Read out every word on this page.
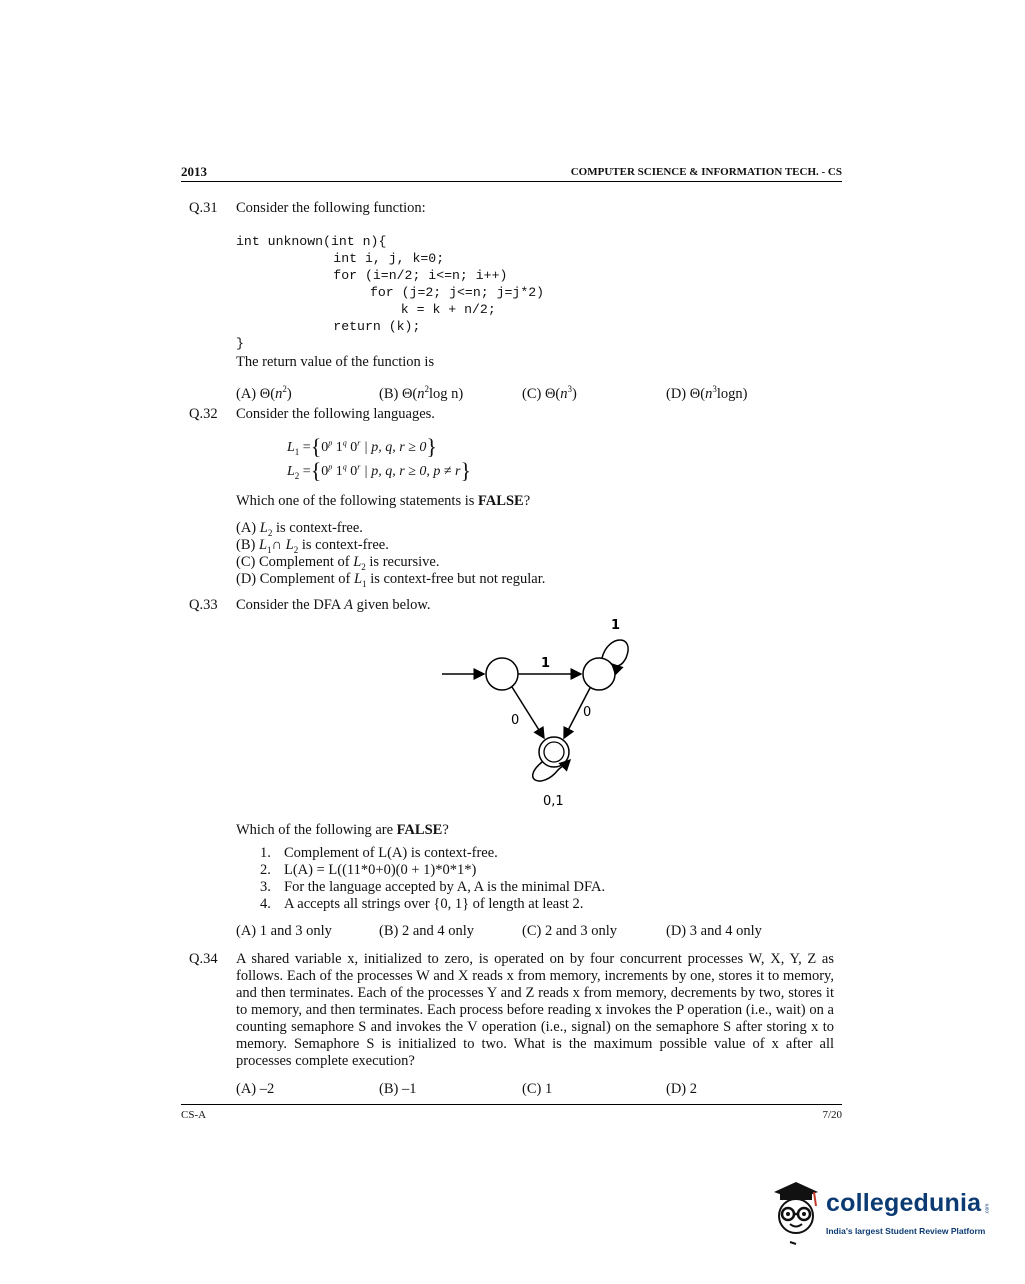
2013	COMPUTER SCIENCE & INFORMATION TECH. - CS
Q.31 Consider the following function:
int unknown(int n){
int i, j, k=0;
for (i=n/2; i<=n; i++)
for (j=2; j<=n; j=j*2)
k = k + n/2;
return (k);
}
The return value of the function is
(A) $\Theta(n^2)$	(B) $\Theta(n^2\log$ n)	(C) $\Theta(n^3)$	(D) $\Theta(n^3\log n)$
Q.32 Consider the following languages.
$L_1 =\{0^p$ 1$^q$ 0$^r$ | p, q, r ≥ 0}
$L_2 =\{0^p$ 1$^q$ 0$^r$ | p, q, r ≥ 0, p ≠ r}
Which one of the following statements is FALSE?
(A) $L_2$ is context-free.
(B) $L_1\cap$ $L_2$ is context-free.
(C) Complement of $L_2$ is recursive.
(D) Complement of $L_1$ is context-free but not regular.
Q.33 Consider the DFA A given below.
1
1
0
0
0,1
Which of the following are FALSE?
1. Complement of L(A) is context-free.
2. L(A) = L((11*0+0)(0 + 1)*0*1*)
3. For the language accepted by A, A is the minimal DFA.
4. A accepts all strings over {0, 1} of length at least 2.
(A) 1 and 3 only	(B) 2 and 4 only	(C) 2 and 3 only	(D) 3 and 4 only
Q.34 A shared variable x, initialized to zero, is operated on by four concurrent processes W, X, Y, Z as follows. Each of the processes W and X reads x from memory, increments by one, stores it to memory, and then terminates. Each of the processes Y and Z reads x from memory, decrements by two, stores it to memory, and then terminates. Each process before reading x invokes the P operation (i.e., wait) on a counting semaphore S and invokes the V operation (i.e., signal) on the semaphore S after storing x to memory. Semaphore S is initialized to two. What is the maximum possible value of x after all processes complete execution?
(A) –2	(B) –1	(C) 1	(D) 2
CS-A	7/20
collegedunia .com
India's largest Student Review Platform
